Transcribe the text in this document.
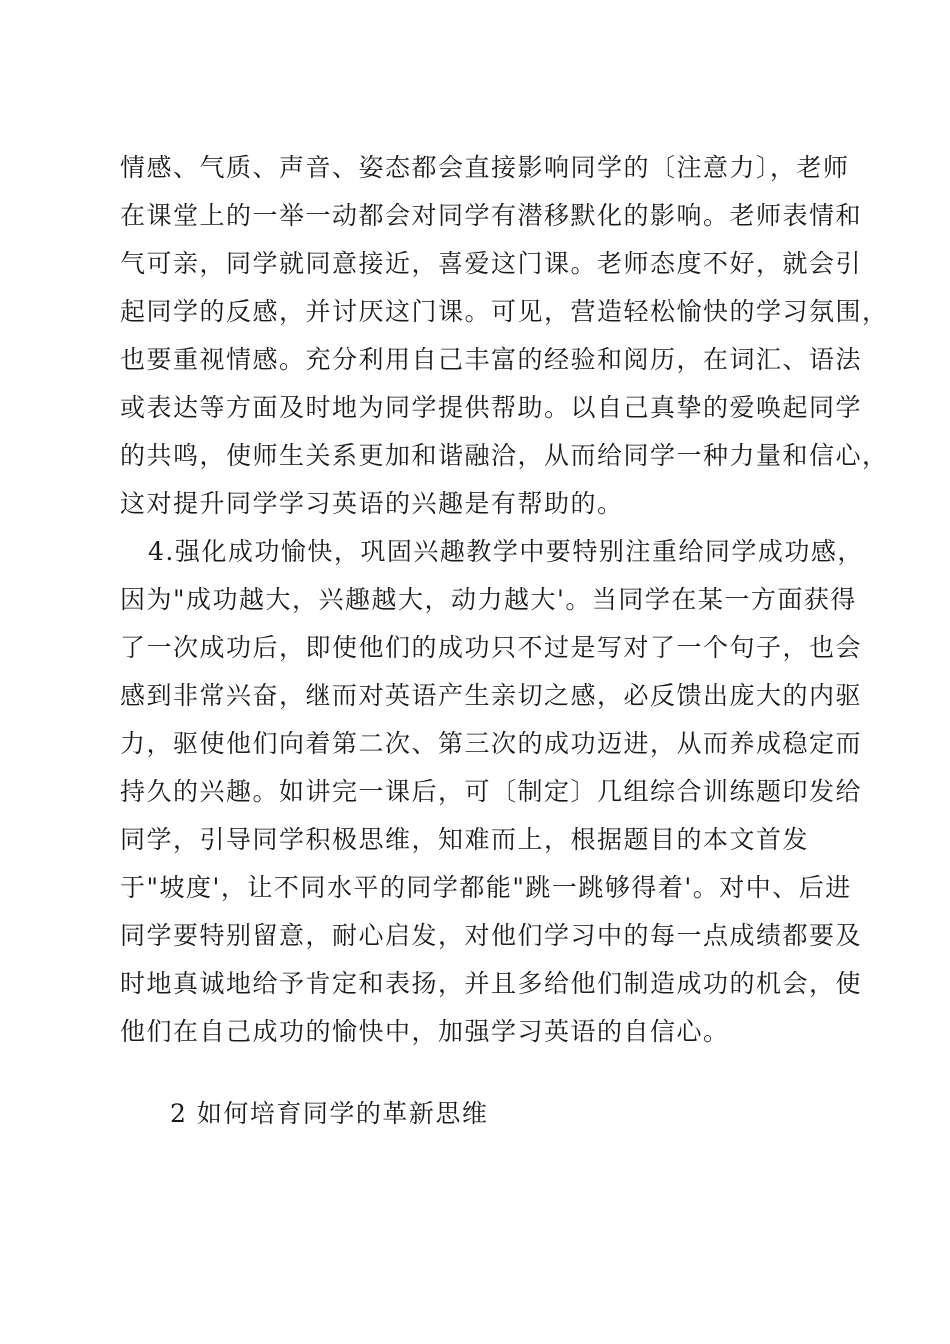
情感、气质、声音、姿态都会直接影响同学的〔注意力〕，老师
在课堂上的一举一动都会对同学有潜移默化的影响。老师表情和
气可亲，同学就同意接近，喜爱这门课。老师态度不好，就会引
起同学的反感，并讨厌这门课。可见，营造轻松愉快的学习氛围，
也要重视情感。充分利用自己丰富的经验和阅历，在词汇、语法
或表达等方面及时地为同学提供帮助。以自己真挚的爱唤起同学
的共鸣，使师生关系更加和谐融洽，从而给同学一种力量和信心，
这对提升同学学习英语的兴趣是有帮助的。
4.强化成功愉快，巩固兴趣教学中要特别注重给同学成功感，
因为"成功越大，兴趣越大，动力越大'。当同学在某一方面获得
了一次成功后，即使他们的成功只不过是写对了一个句子，也会
感到非常兴奋，继而对英语产生亲切之感，必反馈出庞大的内驱
力，驱使他们向着第二次、第三次的成功迈进，从而养成稳定而
持久的兴趣。如讲完一课后，可〔制定〕几组综合训练题印发给
同学，引导同学积极思维，知难而上，根据题目的本文首发
于"坡度'，让不同水平的同学都能"跳一跳够得着'。对中、后进
同学要特别留意，耐心启发，对他们学习中的每一点成绩都要及
时地真诚地给予肯定和表扬，并且多给他们制造成功的机会，使
他们在自己成功的愉快中，加强学习英语的自信心。
2 如何培育同学的革新思维
